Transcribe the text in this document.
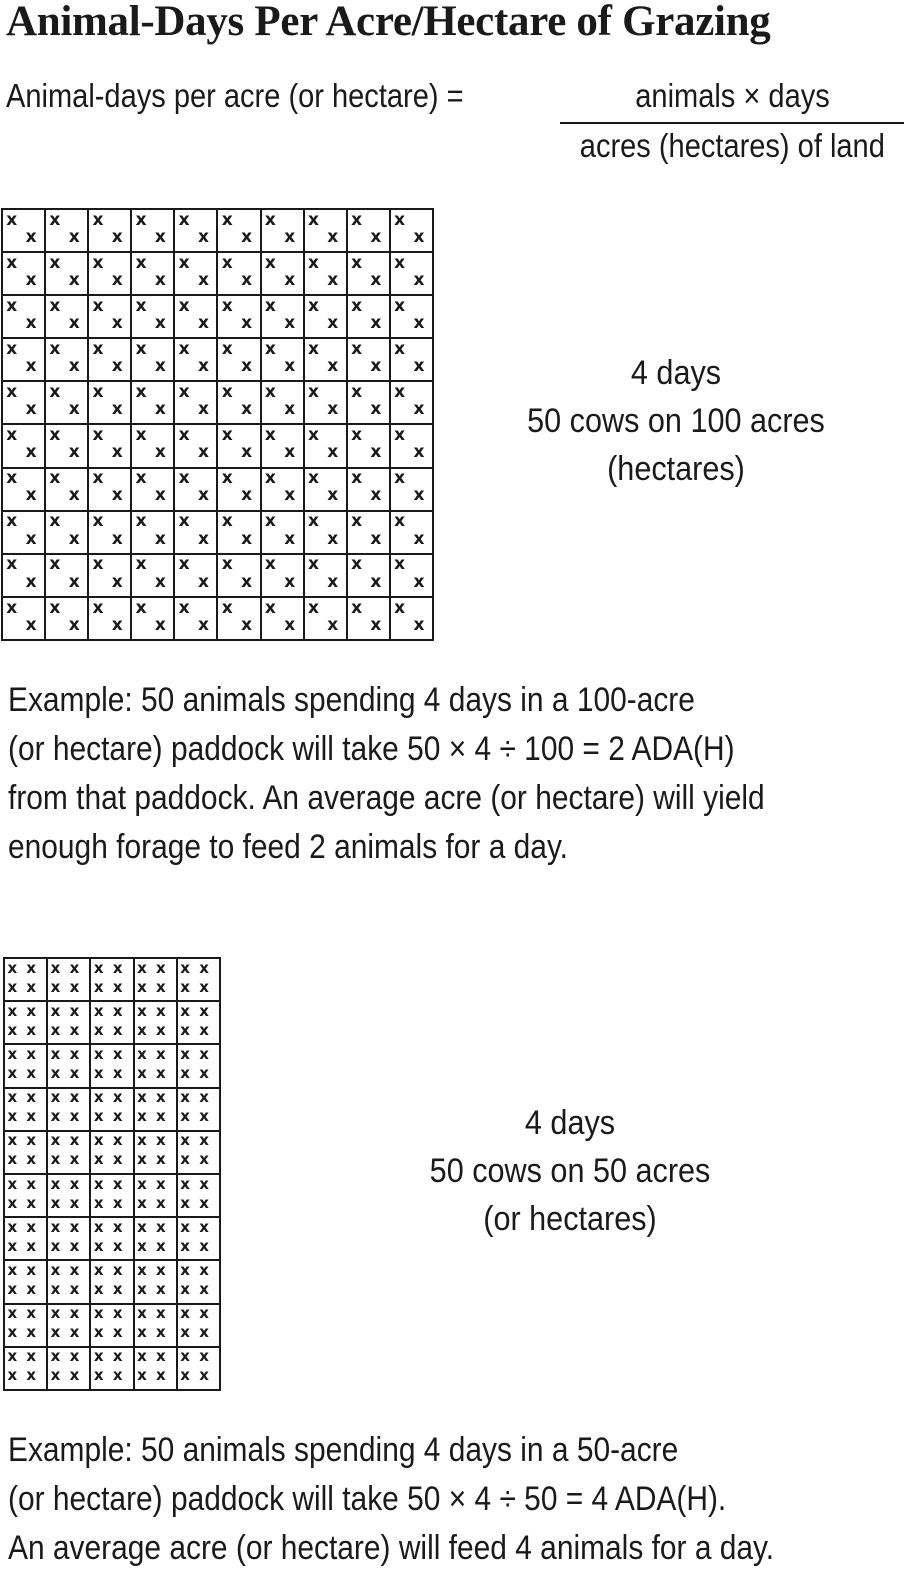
Animal-Days Per Acre/Hectare of Grazing
Animal-days per acre (or hectare) =	animals × days
acres (hectares) of land
x
x
x
x
x
x
x
x
x
x
x
x
x
x
x
x
x
x
x
x
x
x
x
x
x
x
x
x
x
x
x
x
x
x
x
x
x
x
x
x
x
x
x
x
x
x
x
x
x
x
x
x
x
x
x
x
x
x
x
x
x
x
x
x
x
x
x
x
x
x
x
x
x
x
x
x
x
x
x
x
x
x
x
x
x
x
x
x
x
x
x
x
x
x
x
x
x
x
x
x
x
x
x
x
x
x
x
x
x
x
x
x
x
x
x
x
x
x
x
x
x
x
x
x
x
x
x
x
x
x
x
x
x
x
x
x
x
x
x
x
x
x
x
x
x
x
x
x
x
x
x
x
x
x
x
x
x
x
x
x
x
x
x
x
x
x
x
x
x
x
x
x
x
x
x
x
x
x
x
x
x
x
x
x
x
x
x
x
x
x
x
x
x
x
x
x
x
x
x
x
4 days
50 cows on 100 acres
(hectares)
Example: 50 animals spending 4 days in a 100-acre
(or hectare) paddock will take 50 × 4 ÷ 100 = 2 ADA(H)
from that paddock. An average acre (or hectare) will yield
enough forage to feed 2 animals for a day.
x x
x x
x x
x x
x x
x x
x x
x x
x x
x x
x x
x x
x x
x x
x x
x x
x x
x x
x x
x x
x x
x x
x x
x x
x x
x x
x x
x x
x x
x x
x x
x x
x x
x x
x x
x x
x x
x x
x x
x x
x x
x x
x x
x x
x x
x x
x x
x x
x x
x x
x x
x x
x x
x x
x x
x x
x x
x x
x x
x x
x x
x x
x x
x x
x x
x x
x x
x x
x x
x x
x x
x x
x x
x x
x x
x x
x x
x x
x x
x x
x x
x x
x x
x x
x x
x x
x x
x x
x x
x x
x x
x x
x x
x x
x x
x x
x x
x x
x x
x x
4 days
50 cows on 50 acres
(or hectares)
Example: 50 animals spending 4 days in a 50-acre
(or hectare) paddock will take 50 × 4 ÷ 50 = 4 ADA(H).
An average acre (or hectare) will feed 4 animals for a day.
